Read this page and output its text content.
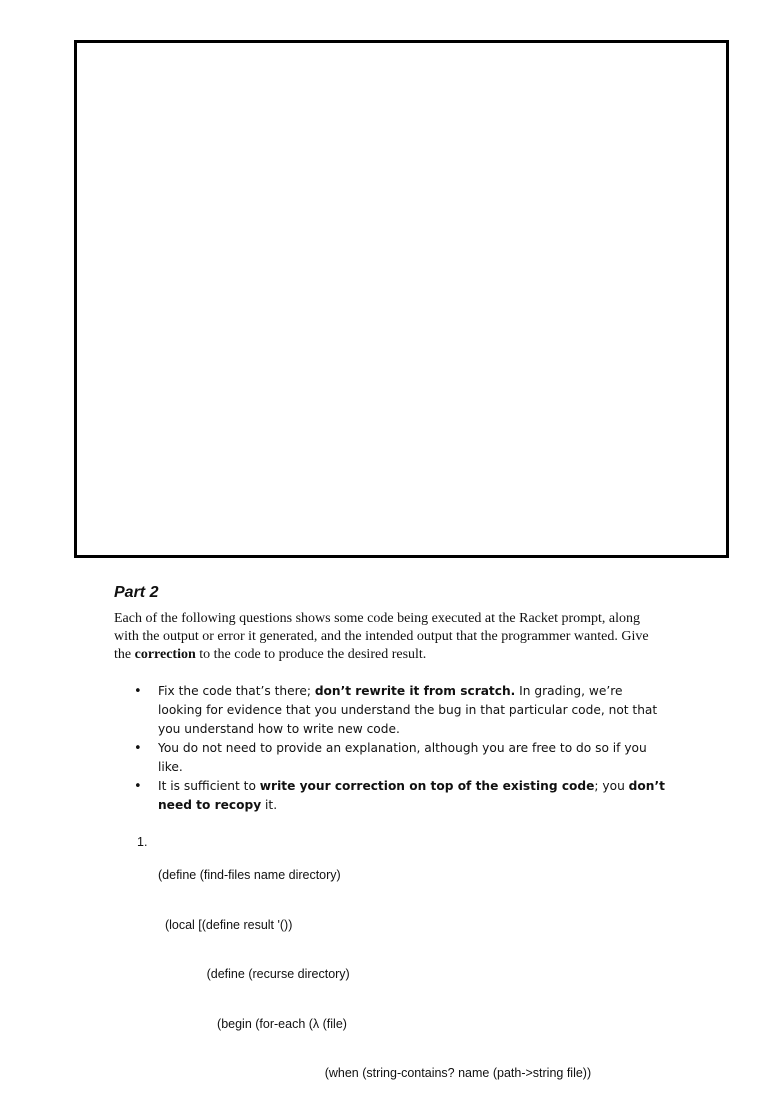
Part 2

Each of the following questions shows some code being executed at the Racket prompt, along with the output or error it generated, and the intended output that the programmer wanted. Give the correction to the code to produce the desired result.

• Fix the code that’s there; don’t rewrite it from scratch. In grading, we’re looking for evidence that you understand the bug in that particular code, not that you understand how to write new code.
• You do not need to provide an explanation, although you are free to do so if you like.
• It is sufficient to write your correction on top of the existing code; you don’t need to recopy it.
1.

(define (find-files name directory)

(local [(define result '())

(define (recurse directory)

(begin (for-each (λ (file)

(when (string-contains? name (path->string file))
